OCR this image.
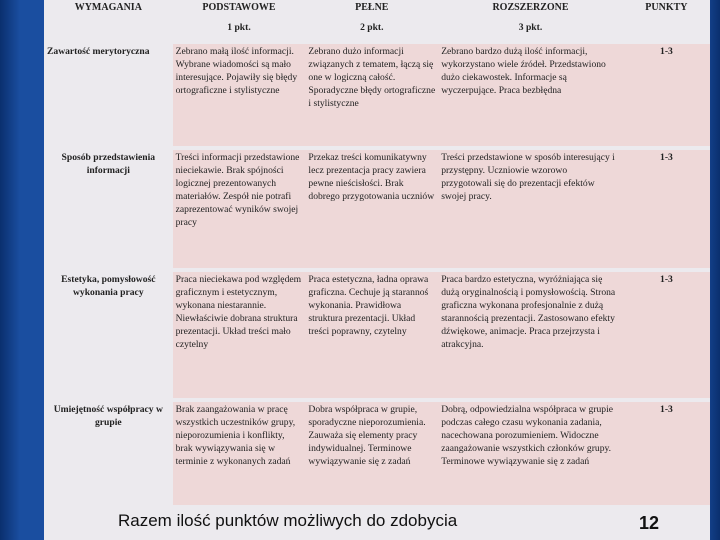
WYMAGANIA	PODSTAWOWE	PEŁNE	ROZSZERZONE	PUNKTY
	1 pkt.	2 pkt.	3 pkt.	
Zawartość merytoryczna	Zebrano małą ilość informacji. Wybrane wiadomości są mało interesujące. Pojawiły się błędy ortograficzne i stylistyczne	Zebrano dużo informacji związanych z tematem, łączą się one w logiczną całość. Sporadyczne błędy ortograficzne i stylistyczne	Zebrano bardzo dużą ilość informacji, wykorzystano wiele źródeł. Przedstawiono dużo ciekawostek. Informacje są wyczerpujące. Praca bezbłędna	1-3
Sposób przedstawienia informacji	Treści informacji przedstawione nieciekawie. Brak spójności logicznej prezentowanych materiałów. Zespół nie potrafi zaprezentować wyników swojej pracy	Przekaz treści komunikatywny lecz prezentacja pracy zawiera pewne nieścisłości. Brak dobrego przygotowania uczniów	Treści przedstawione w sposób interesujący i przystępny. Uczniowie wzorowo przygotowali się do prezentacji efektów swojej pracy.	1-3
Estetyka, pomysłowość wykonania pracy	Praca nieciekawa pod względem graficznym i estetycznym, wykonana niestarannie. Niewłaściwie dobrana struktura prezentacji. Układ treści mało czytelny	Praca estetyczna, ładna oprawa graficzna. Cechuje ją starannoś wykonania. Prawidłowa struktura prezentacji. Układ treści poprawny, czytelny	Praca bardzo estetyczna, wyróżniająca się dużą oryginalnością i pomysłowością. Strona graficzna wykonana profesjonalnie z dużą starannością prezentacji. Zastosowano efekty dźwiękowe, animacje. Praca przejrzysta i atrakcyjna.	1-3
Umiejętność współpracy w grupie	Brak zaangażowania w pracę wszystkich uczestników grupy, nieporozumienia i konflikty, brak wywiązywania się w terminie z wykonanych zadań	Dobra współpraca w grupie, sporadyczne nieporozumienia. Zauważa się elementy pracy indywidualnej. Terminowe wywiązywanie się z zadań	Dobrą, odpowiedzialna współpraca w grupie podczas całego czasu wykonania zadania, nacechowana porozumieniem. Widoczne zaangażowanie wszystkich członków grupy. Terminowe wywiązywanie się z zadań	1-3
Razem ilość punktów możliwych do zdobycia	12
